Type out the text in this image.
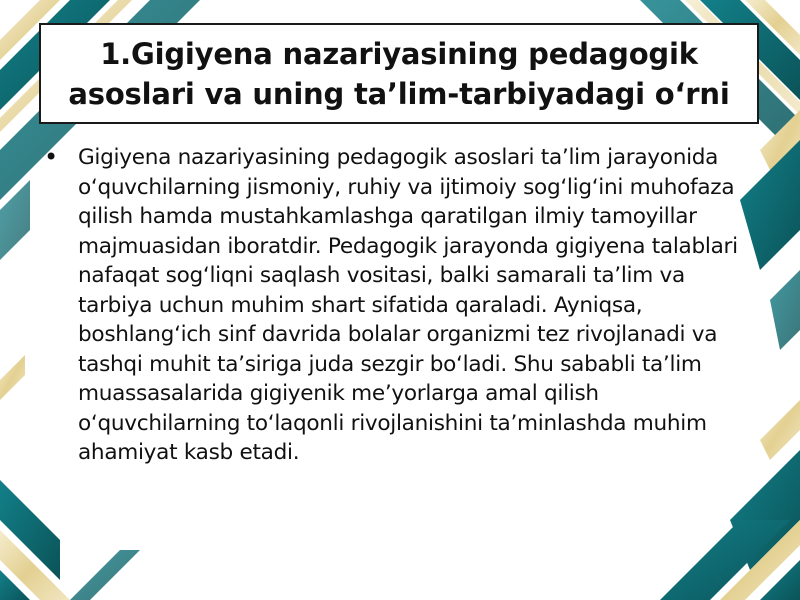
1.Gigiyena nazariyasining pedagogik asoslari va uning ta’lim-tarbiyadagi o‘rni
• Gigiyena nazariyasining pedagogik asoslari ta’lim jarayonida o‘quvchilarning jismoniy, ruhiy va ijtimoiy sog‘lig‘ini muhofaza qilish hamda mustahkamlashga qaratilgan ilmiy tamoyillar majmuasidan iboratdir. Pedagogik jarayonda gigiyena talablari nafaqat sog‘liqni saqlash vositasi, balki samarali ta’lim va tarbiya uchun muhim shart sifatida qaraladi. Ayniqsa, boshlang‘ich sinf davrida bolalar organizmi tez rivojlanadi va tashqi muhit ta’siriga juda sezgir bo‘ladi. Shu sababli ta’lim muassasalarida gigiyenik me’yorlarga amal qilish o‘quvchilarning to‘laqonli rivojlanishini ta’minlashda muhim ahamiyat kasb etadi.
